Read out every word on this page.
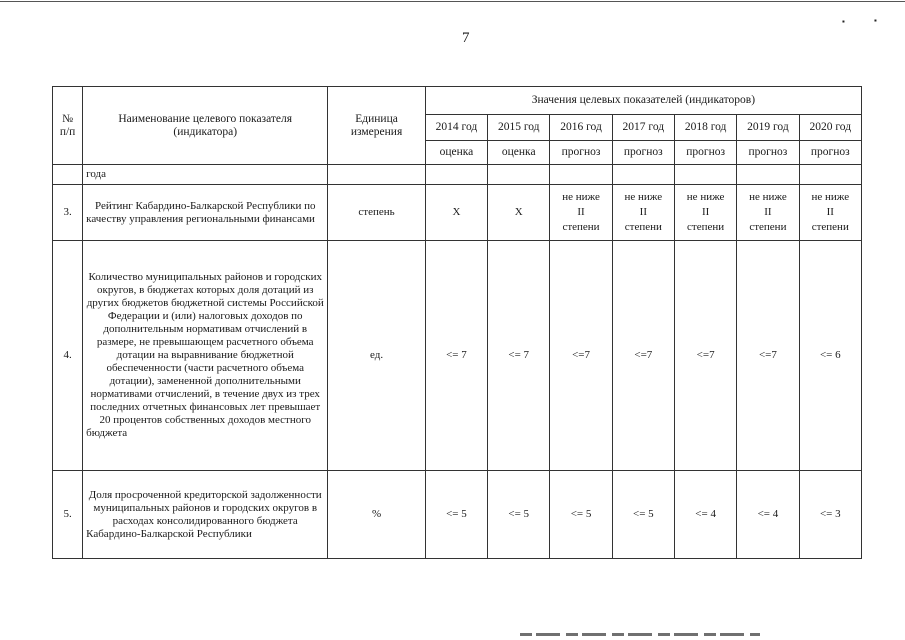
7
▪	▪
№ п/п	Наименование целевого показателя (индикатора)	Единица измерения	Значения целевых показателей (индикаторов)						
			2014 год	2015 год	2016 год	2017 год	2018 год	2019 год	2020 год
			оценка	оценка	прогноз	прогноз	прогноз	прогноз	прогноз
	года								
3.	Рейтинг Кабардино-Балкарской Республики по качеству управления региональными финансами	степень	Х	Х	не ниже
II
степени	не ниже
II
степени	не ниже
II
степени	не ниже
II
степени	не ниже
II
степени

4.	Количество муниципальных районов и городских округов, в бюджетах которых доля дотаций из других бюджетов бюджетной системы Российской Федерации и (или) налоговых доходов по дополнительным нормативам отчислений в размере, не превышающем расчетного объема дотации на выравнивание бюджетной обеспеченности (части расчетного объема дотации), замененной дополнительными нормативами отчислений, в течение двух из трех последних отчетных финансовых лет превышает 20 процентов собственных доходов местного бюджета	ед.	<= 7	<= 7	<=7	<=7	<=7	<=7	<= 6
5.	Доля просроченной кредиторской задолженности муниципальных районов и городских округов в расходах консолидированного бюджета Кабардино-Балкарской Республики	%	<= 5	<= 5	<= 5	<= 5	<= 4	<= 4	<= 3
